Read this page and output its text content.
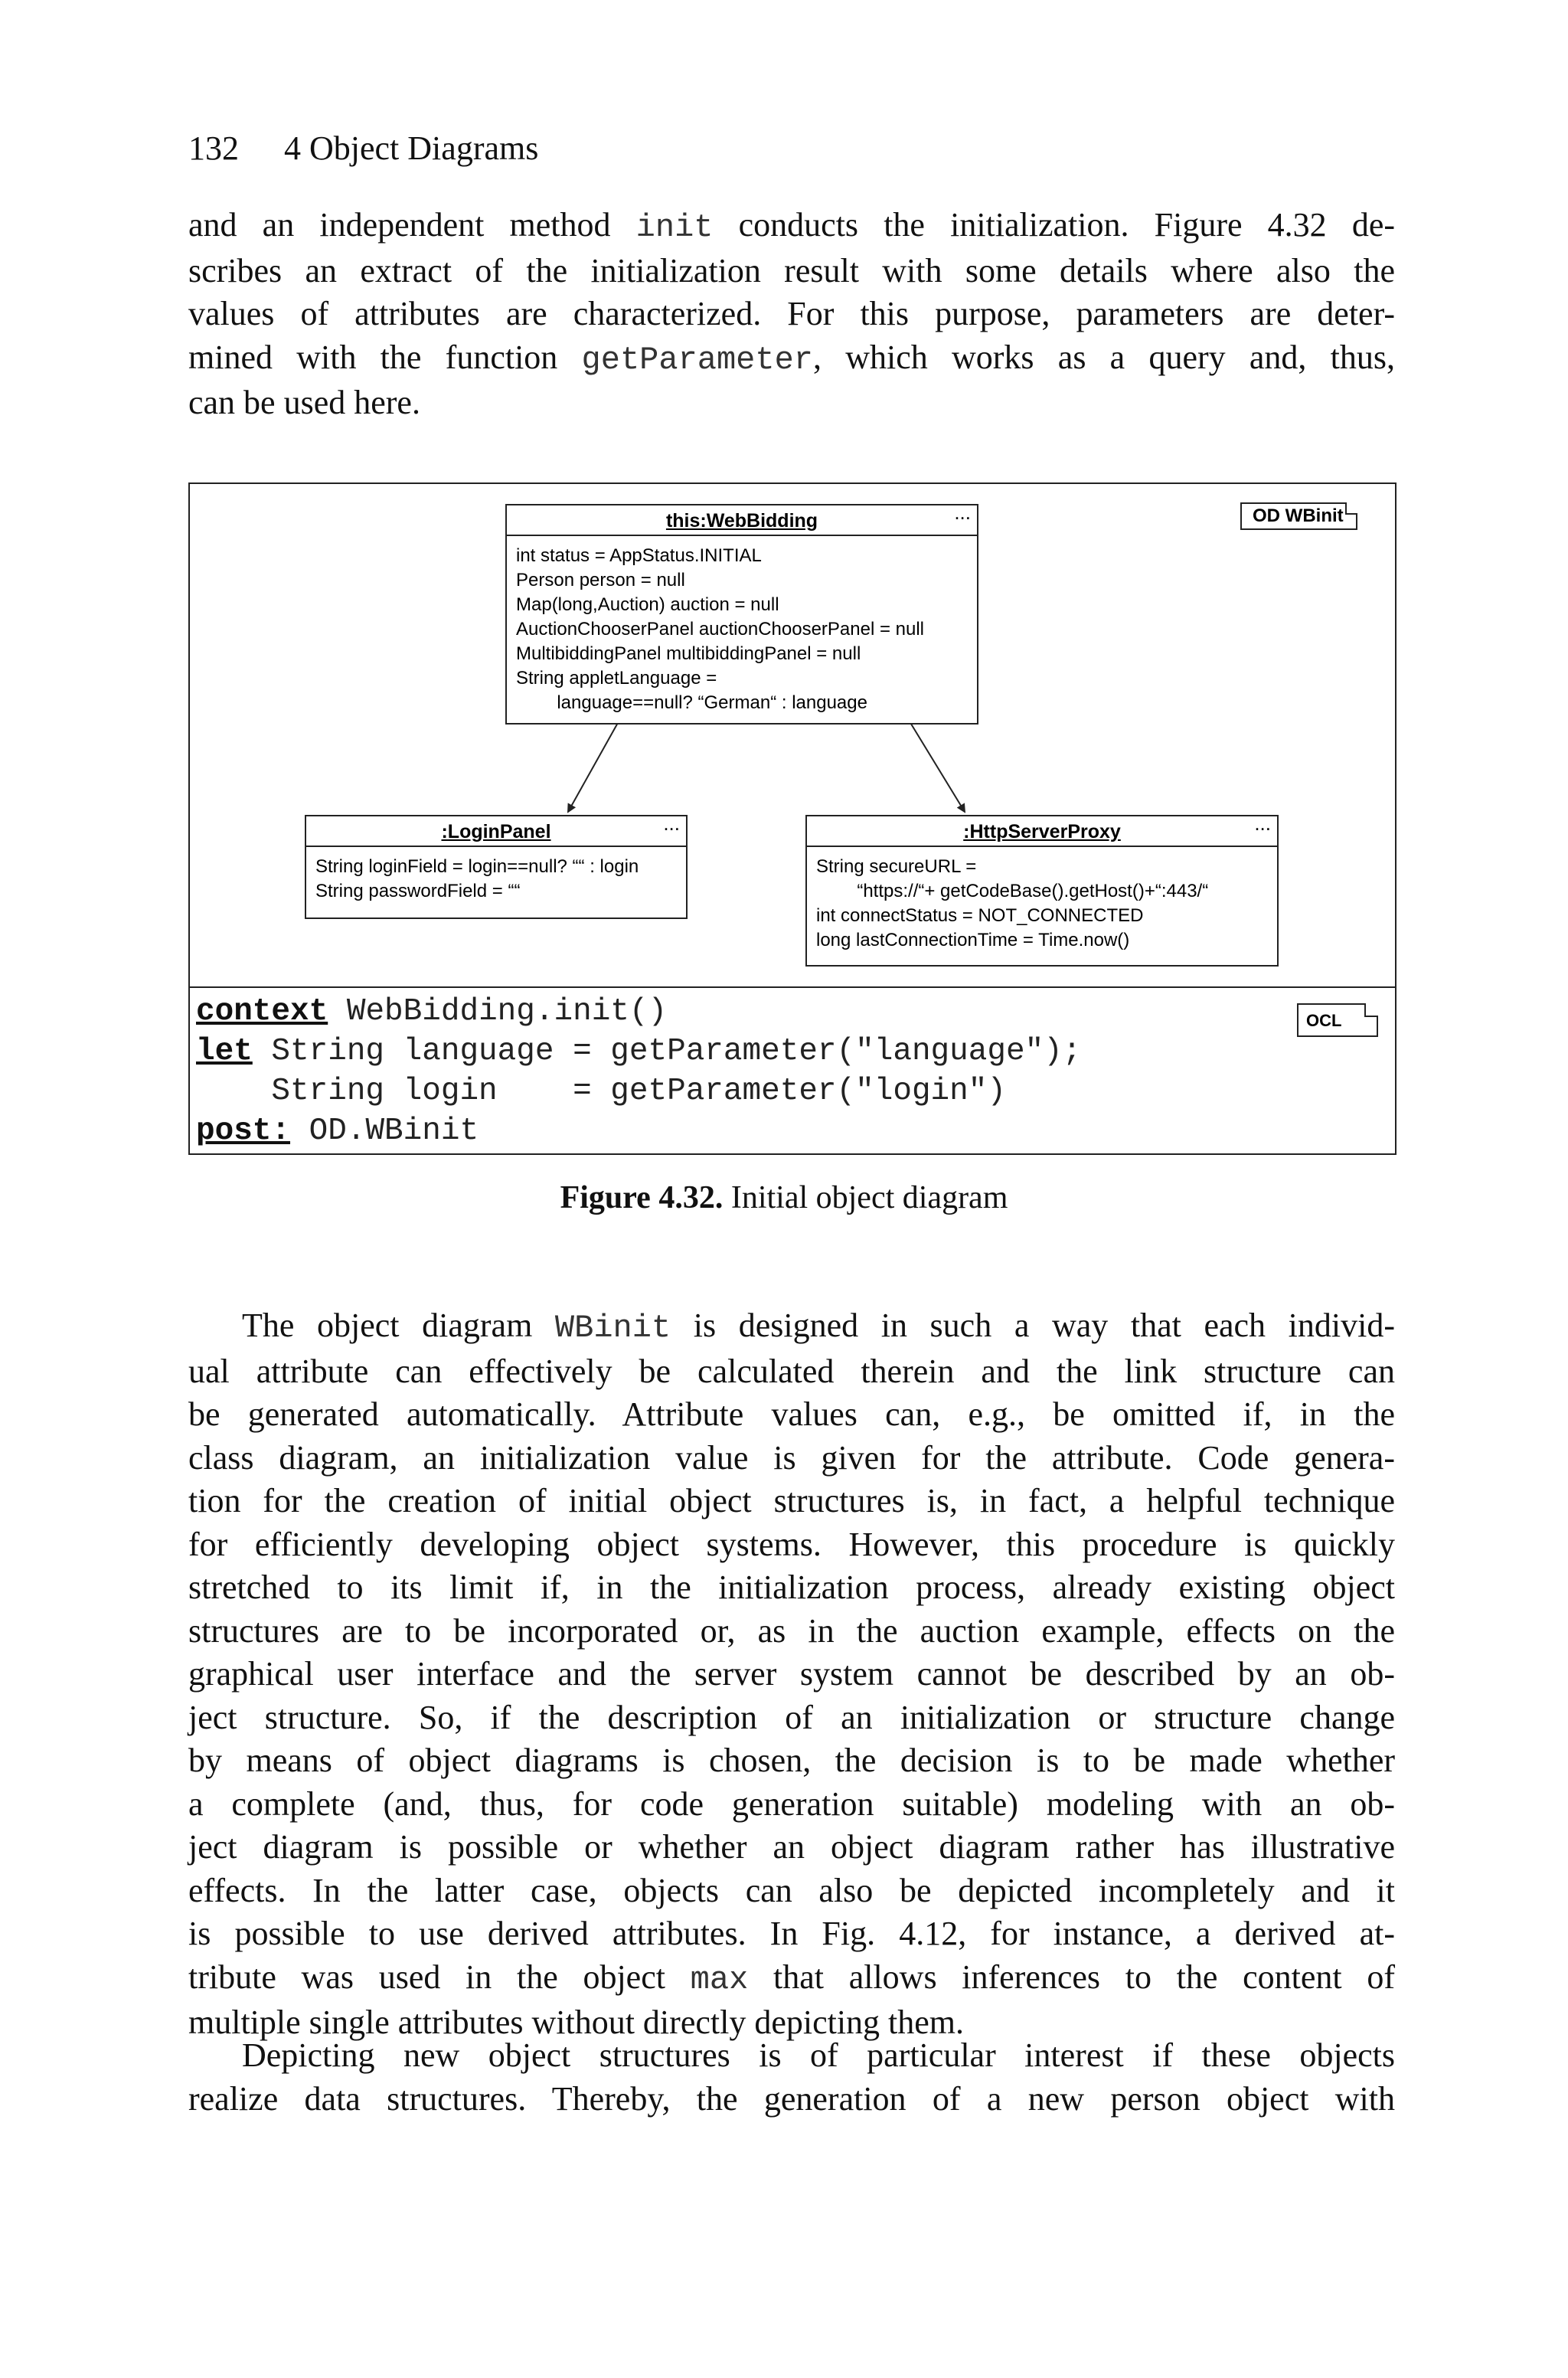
132 4 Object Diagrams
and an independent method init conducts the initialization. Figure 4.32 de-
scribes an extract of the initialization result with some details where also the
values of attributes are characterized. For this purpose, parameters are deter-
mined with the function getParameter, which works as a query and, thus,
can be used here.
OD WBinit
...
this:WebBidding
int status = AppStatus.INITIAL
Person person = null
Map(long,Auction) auction = null
AuctionChooserPanel auctionChooserPanel = null
MultibiddingPanel multibiddingPanel = null
String appletLanguage =
language==null? “German“ : language
...
:LoginPanel
String loginField = login==null? ““ : login
String passwordField = ““
...
:HttpServerProxy
String secureURL =
“https://“+ getCodeBase().getHost()+“:443/“
int connectStatus = NOT_CONNECTED
long lastConnectionTime = Time.now()
OCL
context WebBidding.init()
let String language = getParameter("language");
String login    = getParameter("login")
post: OD.WBinit
Figure 4.32. Initial object diagram
The object diagram WBinit is designed in such a way that each individ-
ual attribute can effectively be calculated therein and the link structure can
be generated automatically. Attribute values can, e.g., be omitted if, in the
class diagram, an initialization value is given for the attribute. Code genera-
tion for the creation of initial object structures is, in fact, a helpful technique
for efficiently developing object systems. However, this procedure is quickly
stretched to its limit if, in the initialization process, already existing object
structures are to be incorporated or, as in the auction example, effects on the
graphical user interface and the server system cannot be described by an ob-
ject structure. So, if the description of an initialization or structure change
by means of object diagrams is chosen, the decision is to be made whether
a complete (and, thus, for code generation suitable) modeling with an ob-
ject diagram is possible or whether an object diagram rather has illustrative
effects. In the latter case, objects can also be depicted incompletely and it
is possible to use derived attributes. In Fig. 4.12, for instance, a derived at-
tribute was used in the object max that allows inferences to the content of
multiple single attributes without directly depicting them.
Depicting new object structures is of particular interest if these objects
realize data structures. Thereby, the generation of a new person object with
